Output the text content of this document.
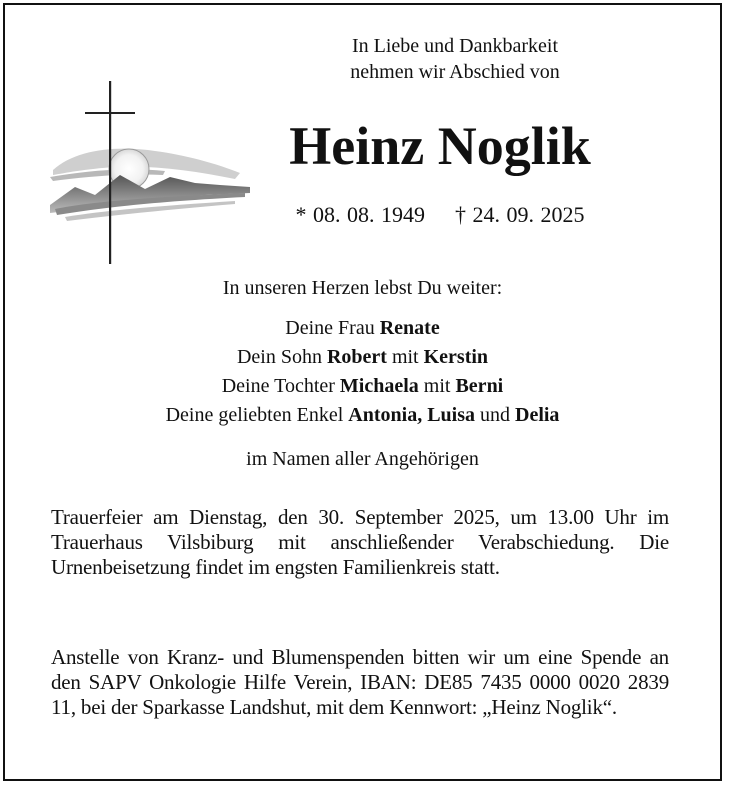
In Liebe und Dankbarkeit
nehmen wir Abschied von
Heinz Noglik
* 08. 08. 1949 † 24. 09. 2025
In unseren Herzen lebst Du weiter:
Deine Frau Renate
Dein Sohn Robert mit Kerstin
Deine Tochter Michaela mit Berni
Deine geliebten Enkel Antonia, Luisa und Delia
im Namen aller Angehörigen
Trauerfeier am Dienstag, den 30. September 2025, um 13.00 Uhr im Trauerhaus Vilsbiburg mit anschließender Verabschiedung. Die Urnenbeisetzung findet im engsten Familienkreis statt.
Anstelle von Kranz- und Blumenspenden bitten wir um eine Spende an den SAPV Onkologie Hilfe Verein, IBAN: DE85 7435 0000 0020 2839 11, bei der Sparkasse Landshut, mit dem Kennwort: „Heinz Noglik“.
